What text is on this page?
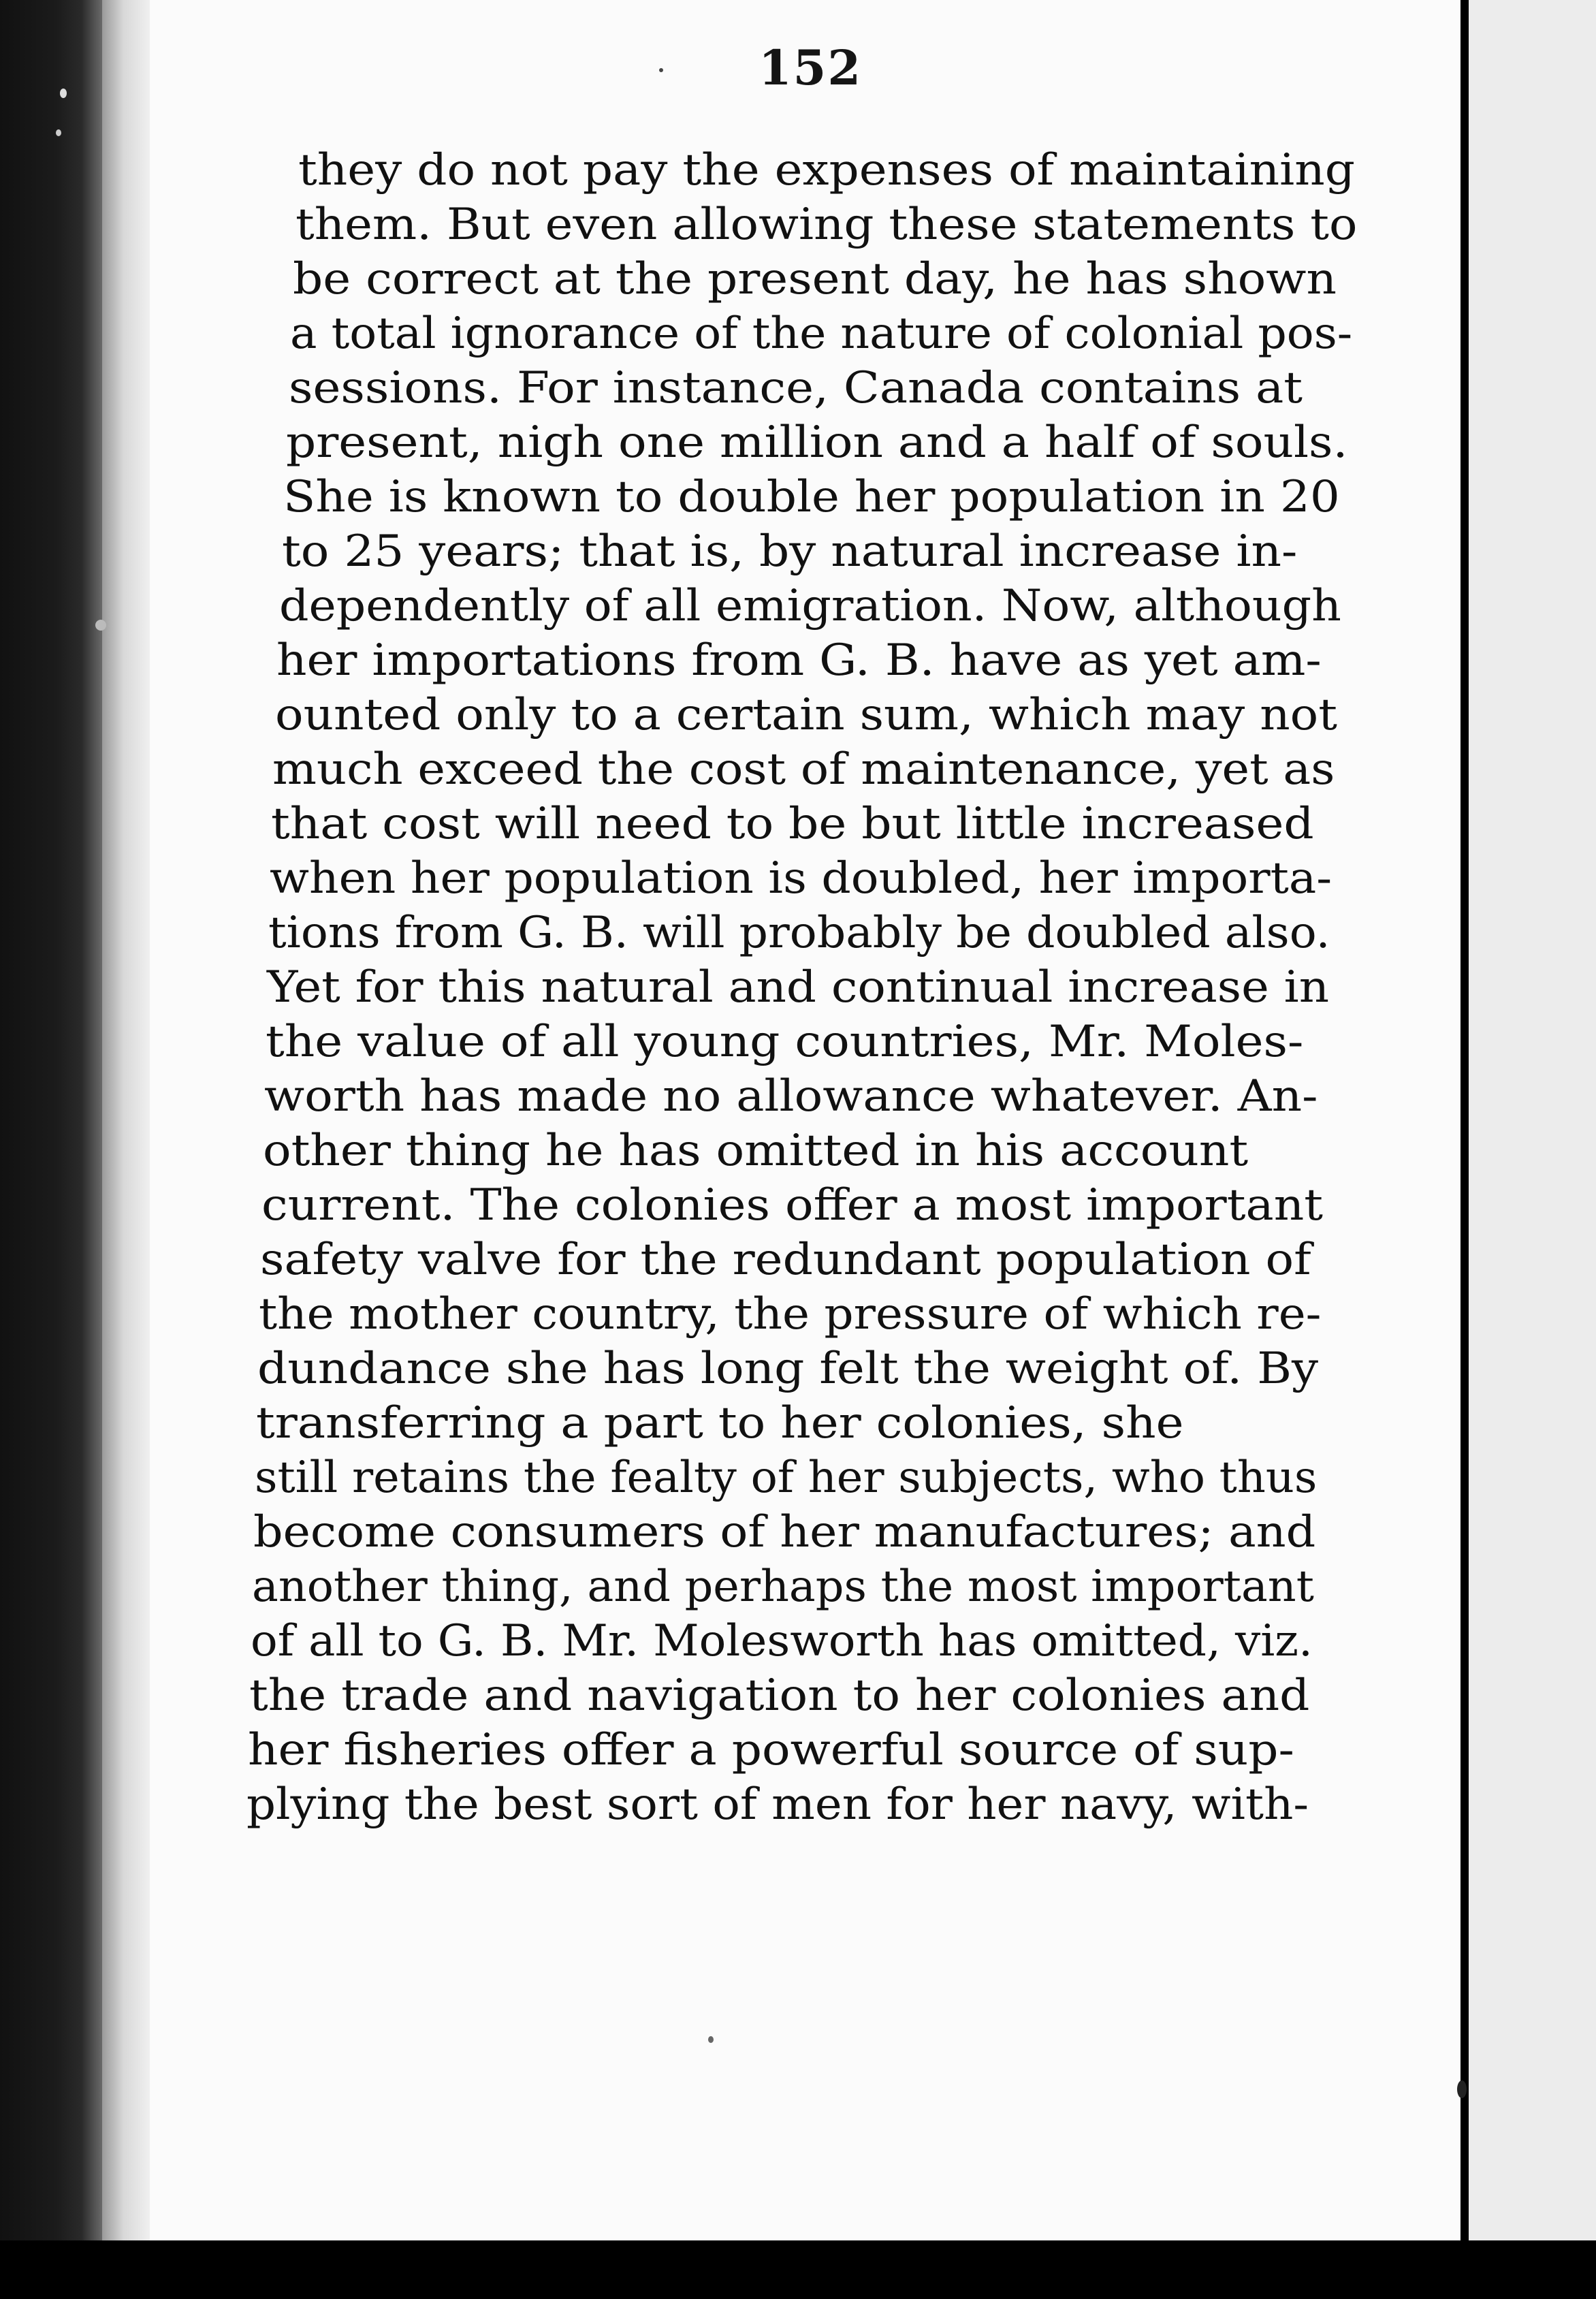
152
they do not pay the expenses of maintaining
them. But even allowing these statements to
be correct at the present day, he has shown
a total ignorance of the nature of colonial pos-
sessions. For instance, Canada contains at
present, nigh one million and a half of souls.
She is known to double her population in 20
to 25 years; that is, by natural increase in-
dependently of all emigration. Now, although
her importations from G. B. have as yet am-
ounted only to a certain sum, which may not
much exceed the cost of maintenance, yet as
that cost will need to be but little increased
when her population is doubled, her importa-
tions from G. B. will probably be doubled also.
Yet for this natural and continual increase in
the value of all young countries, Mr. Moles-
worth has made no allowance whatever. An-
other thing he has omitted in his account
current. The colonies offer a most important
safety valve for the redundant population of
the mother country, the pressure of which re-
dundance she has long felt the weight of. By
transferring a part to her colonies, she
still retains the fealty of her subjects, who thus
become consumers of her manufactures; and
another thing, and perhaps the most important
of all to G. B. Mr. Molesworth has omitted, viz.
the trade and navigation to her colonies and
her fisheries offer a powerful source of sup-
plying the best sort of men for her navy, with-
